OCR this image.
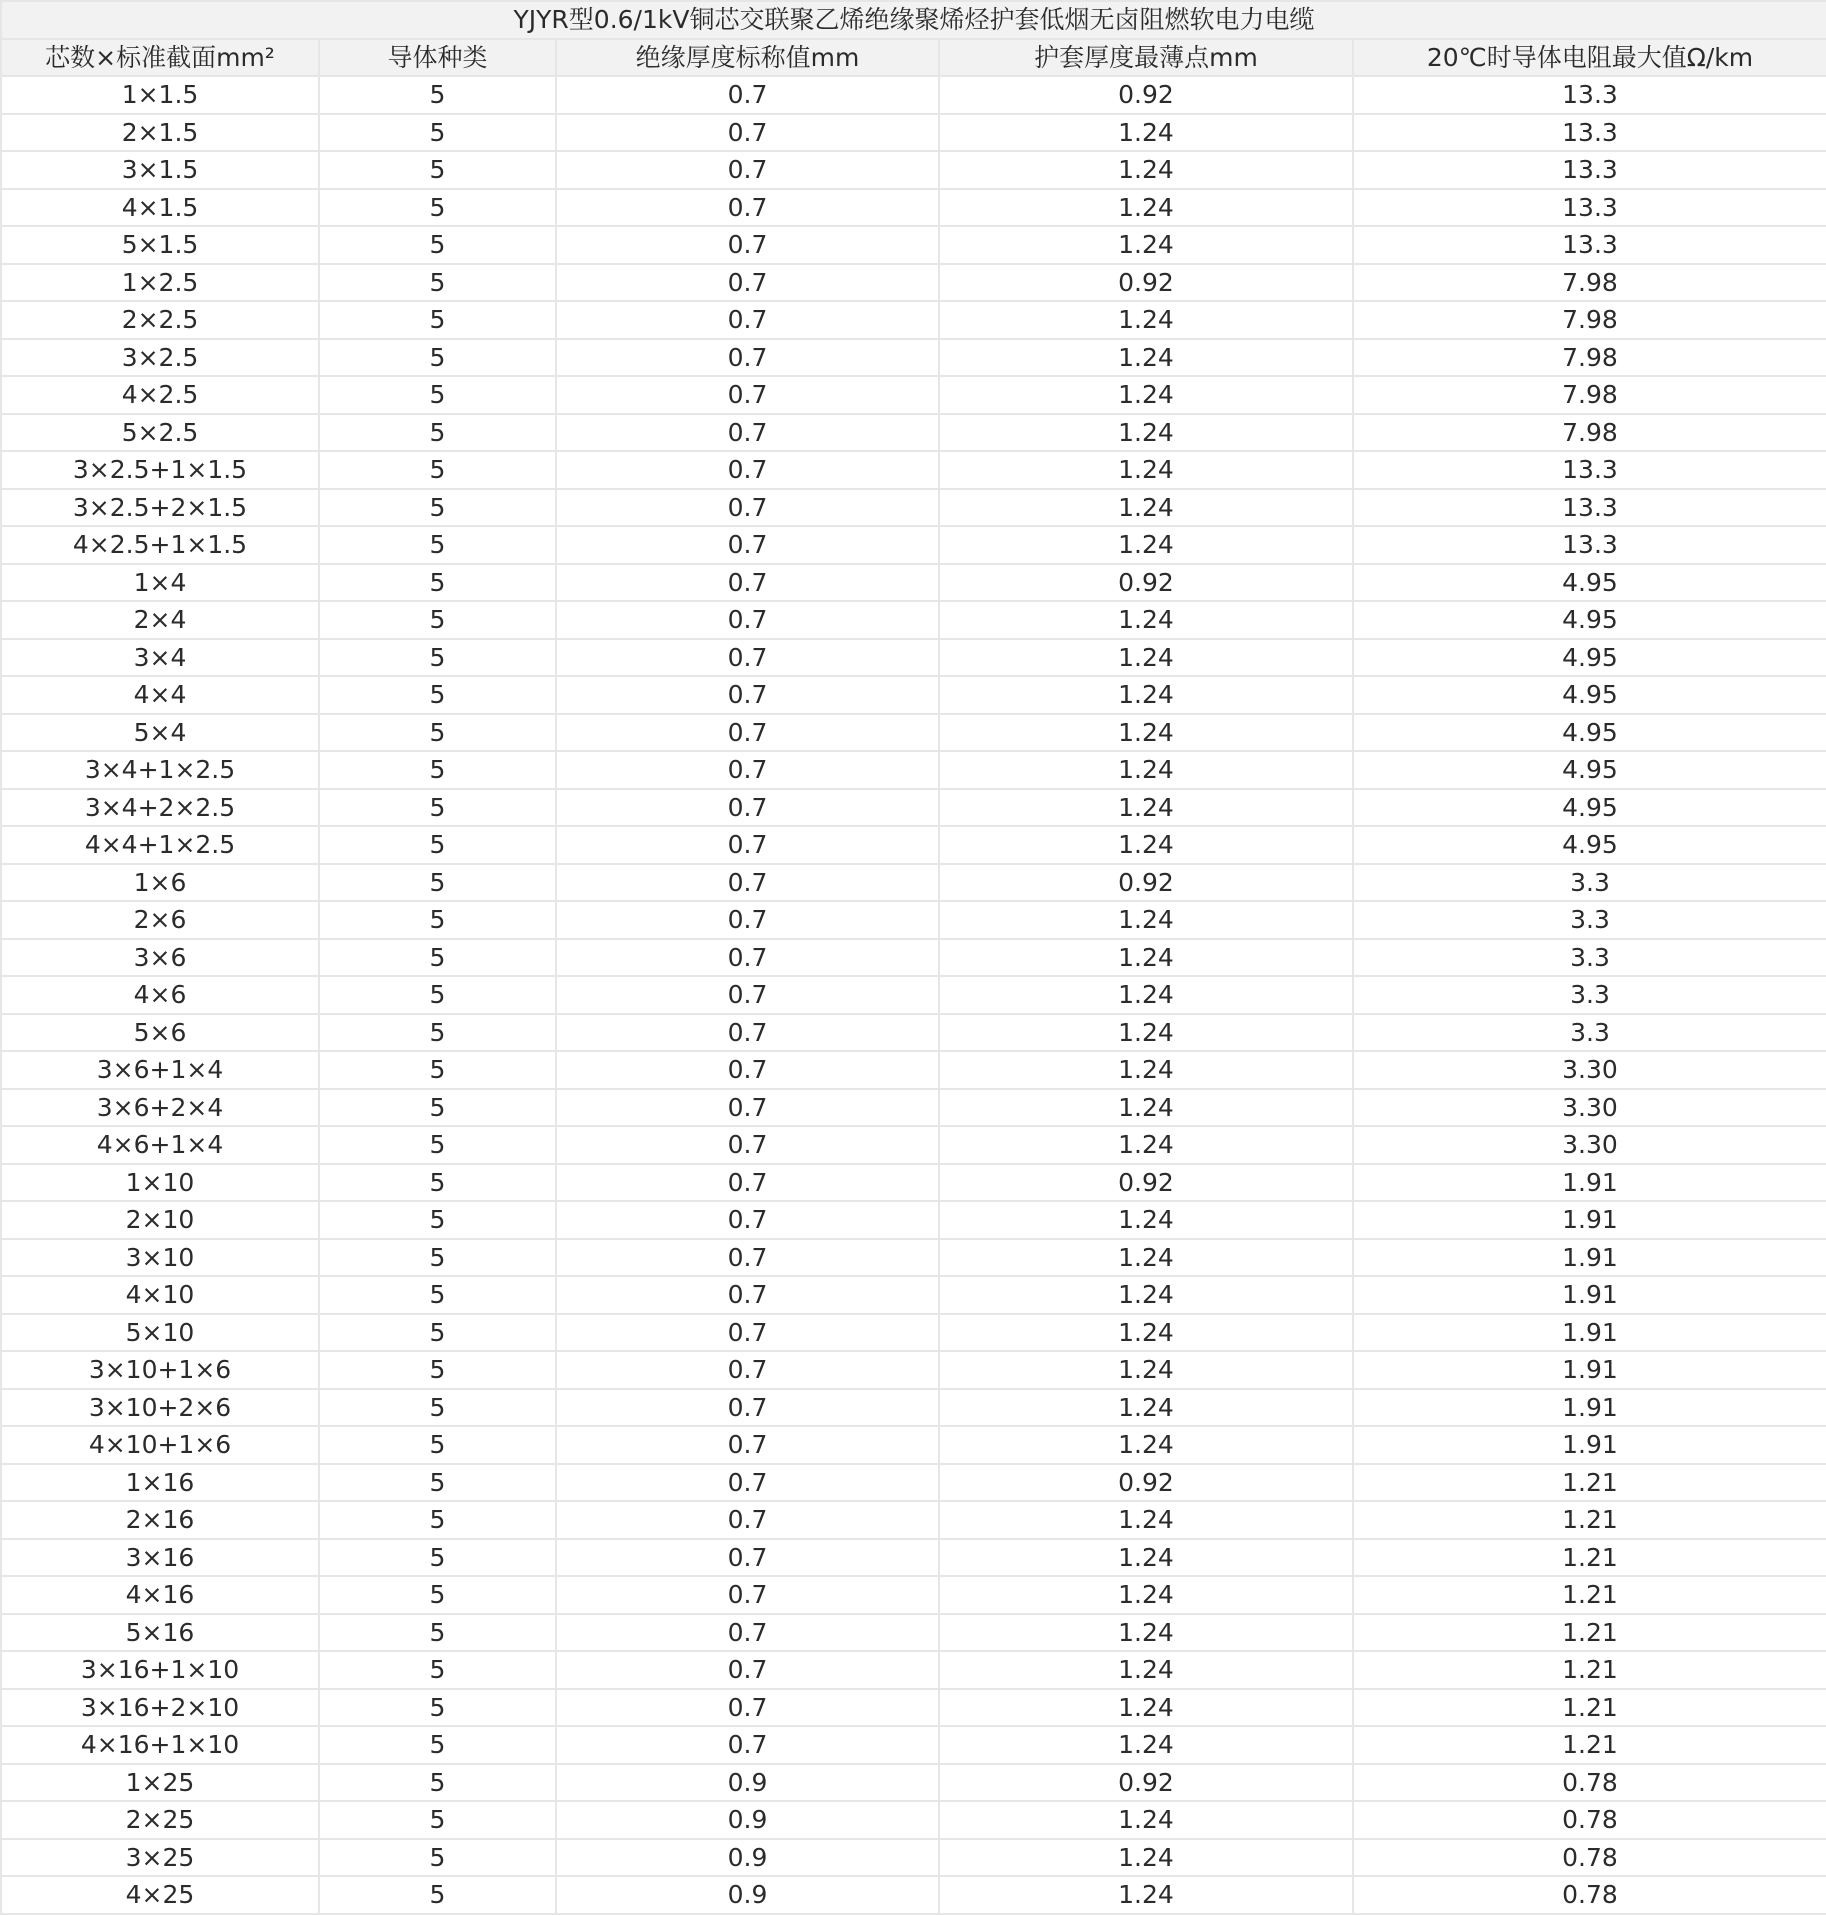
YJYR型0.6/1kV铜芯交联聚乙烯绝缘聚烯烃护套低烟无卤阻燃软电力电缆				
芯数×标准截面mm²	导体种类	绝缘厚度标称值mm	护套厚度最薄点mm	20℃时导体电阻最大值Ω/km
1×1.5	5	0.7	0.92	13.3
2×1.5	5	0.7	1.24	13.3
3×1.5	5	0.7	1.24	13.3
4×1.5	5	0.7	1.24	13.3
5×1.5	5	0.7	1.24	13.3
1×2.5	5	0.7	0.92	7.98
2×2.5	5	0.7	1.24	7.98
3×2.5	5	0.7	1.24	7.98
4×2.5	5	0.7	1.24	7.98
5×2.5	5	0.7	1.24	7.98
3×2.5+1×1.5	5	0.7	1.24	13.3
3×2.5+2×1.5	5	0.7	1.24	13.3
4×2.5+1×1.5	5	0.7	1.24	13.3
1×4	5	0.7	0.92	4.95
2×4	5	0.7	1.24	4.95
3×4	5	0.7	1.24	4.95
4×4	5	0.7	1.24	4.95
5×4	5	0.7	1.24	4.95
3×4+1×2.5	5	0.7	1.24	4.95
3×4+2×2.5	5	0.7	1.24	4.95
4×4+1×2.5	5	0.7	1.24	4.95
1×6	5	0.7	0.92	3.3
2×6	5	0.7	1.24	3.3
3×6	5	0.7	1.24	3.3
4×6	5	0.7	1.24	3.3
5×6	5	0.7	1.24	3.3
3×6+1×4	5	0.7	1.24	3.30
3×6+2×4	5	0.7	1.24	3.30
4×6+1×4	5	0.7	1.24	3.30
1×10	5	0.7	0.92	1.91
2×10	5	0.7	1.24	1.91
3×10	5	0.7	1.24	1.91
4×10	5	0.7	1.24	1.91
5×10	5	0.7	1.24	1.91
3×10+1×6	5	0.7	1.24	1.91
3×10+2×6	5	0.7	1.24	1.91
4×10+1×6	5	0.7	1.24	1.91
1×16	5	0.7	0.92	1.21
2×16	5	0.7	1.24	1.21
3×16	5	0.7	1.24	1.21
4×16	5	0.7	1.24	1.21
5×16	5	0.7	1.24	1.21
3×16+1×10	5	0.7	1.24	1.21
3×16+2×10	5	0.7	1.24	1.21
4×16+1×10	5	0.7	1.24	1.21
1×25	5	0.9	0.92	0.78
2×25	5	0.9	1.24	0.78
3×25	5	0.9	1.24	0.78
4×25	5	0.9	1.24	0.78
